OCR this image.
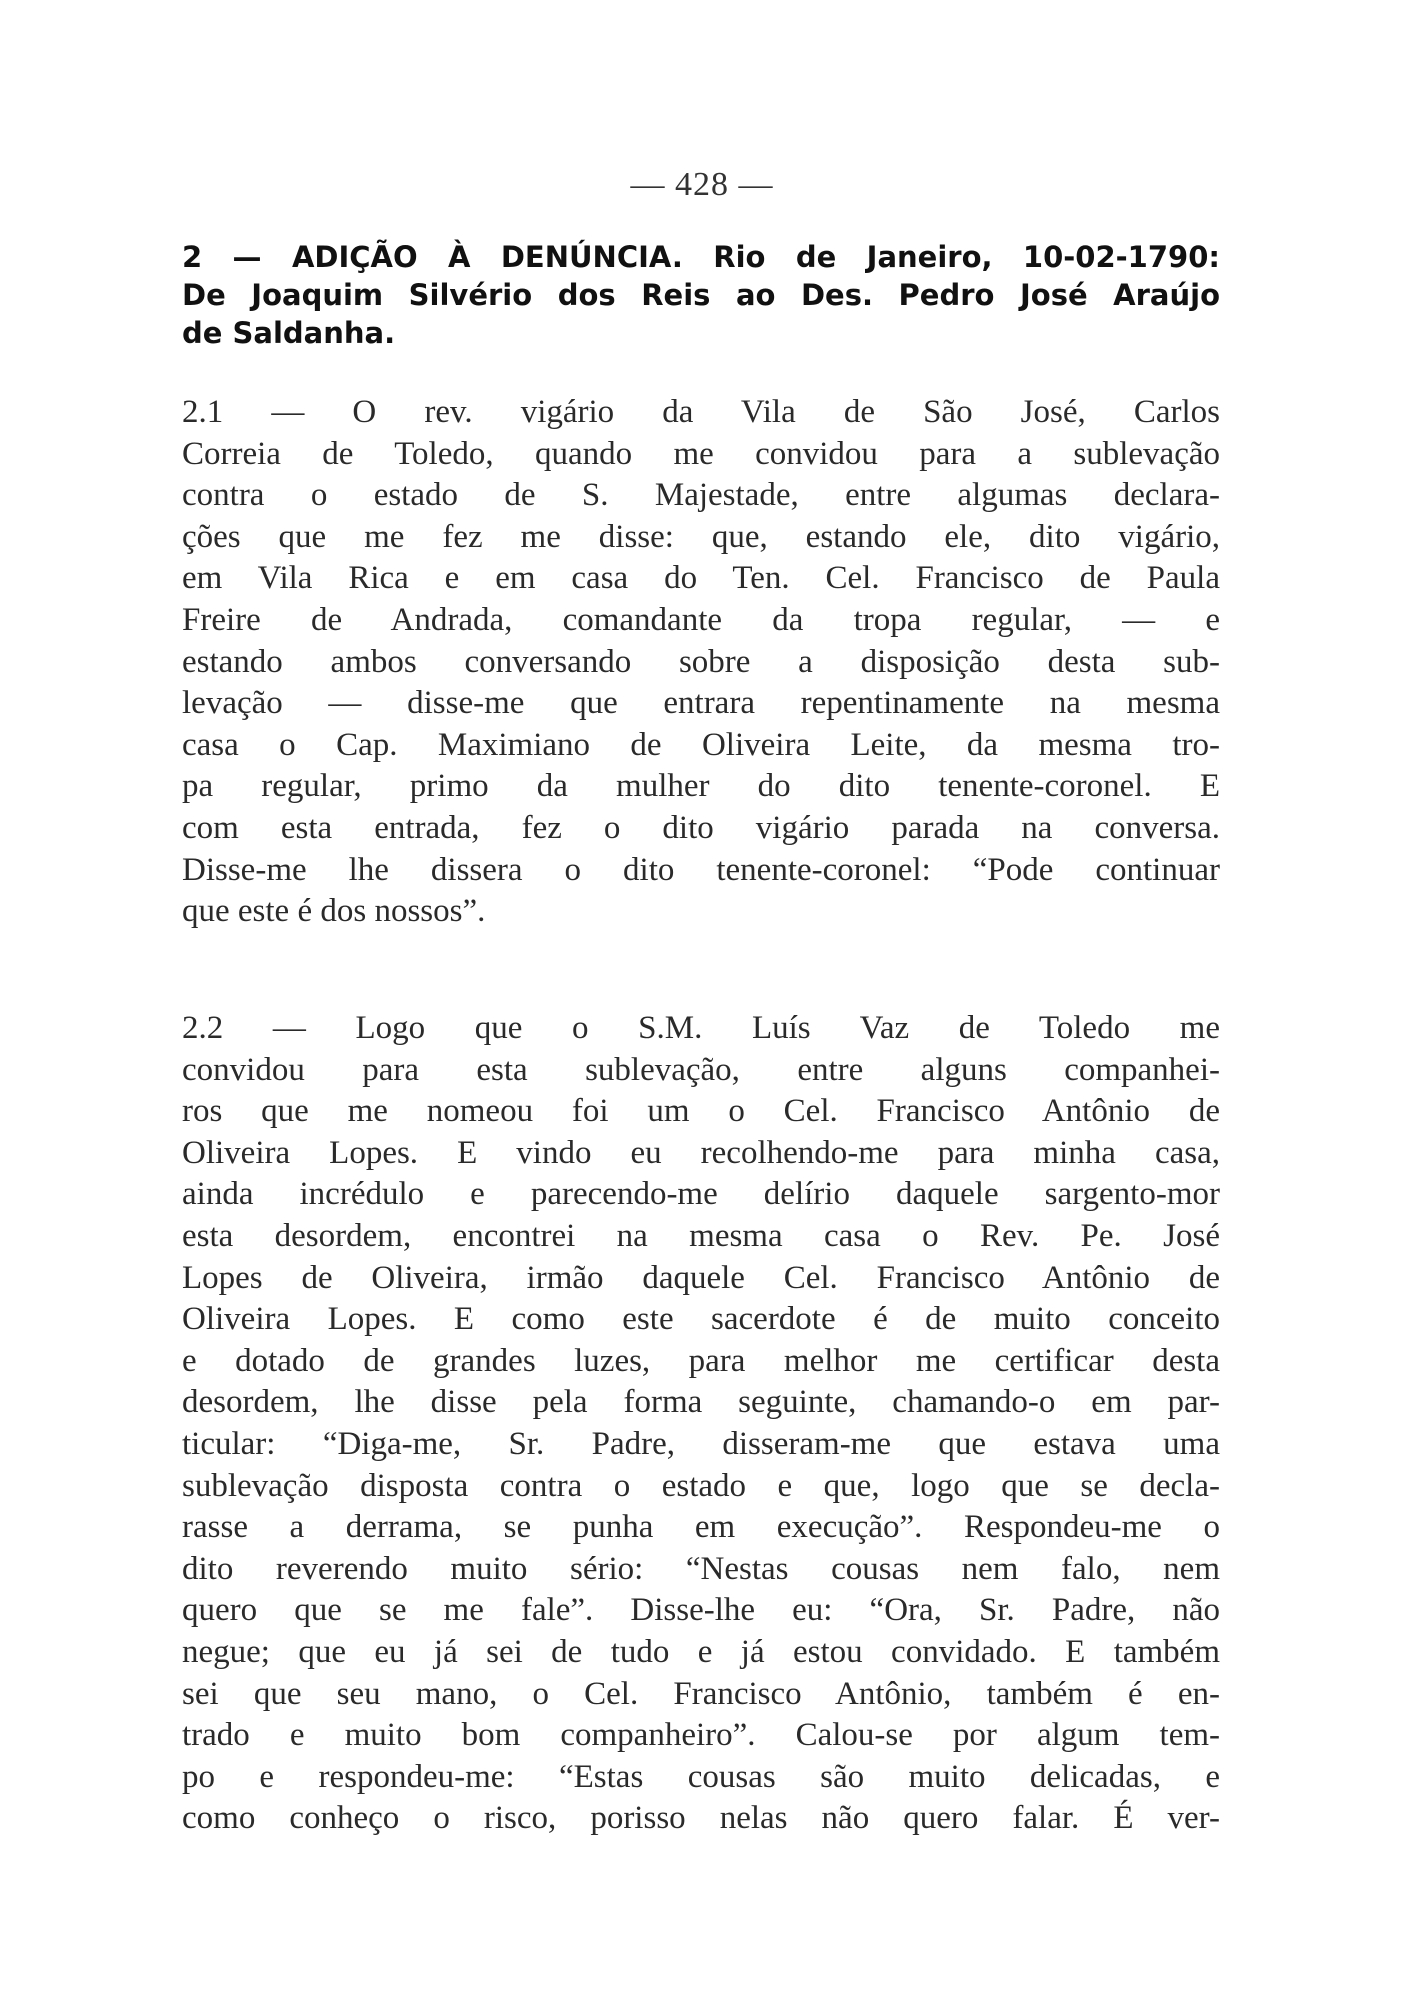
— 428 —
2 — ADIÇÃO À DENÚNCIA. Rio de Janeiro, 10-02-1790:
De Joaquim Silvério dos Reis ao Des. Pedro José Araújo
de Saldanha.
2.1 — O rev. vigário da Vila de São José, Carlos
Correia de Toledo, quando me convidou para a sublevação
contra o estado de S. Majestade, entre algumas declara-
ções que me fez me disse: que, estando ele, dito vigário,
em Vila Rica e em casa do Ten. Cel. Francisco de Paula
Freire de Andrada, comandante da tropa regular, — e
estando ambos conversando sobre a disposição desta sub-
levação — disse-me que entrara repentinamente na mesma
casa o Cap. Maximiano de Oliveira Leite, da mesma tro-
pa regular, primo da mulher do dito tenente-coronel. E
com esta entrada, fez o dito vigário parada na conversa.
Disse-me lhe dissera o dito tenente-coronel: “Pode continuar
que este é dos nossos”.
2.2 — Logo que o S.M. Luís Vaz de Toledo me
convidou para esta sublevação, entre alguns companhei-
ros que me nomeou foi um o Cel. Francisco Antônio de
Oliveira Lopes. E vindo eu recolhendo-me para minha casa,
ainda incrédulo e parecendo-me delírio daquele sargento-mor
esta desordem, encontrei na mesma casa o Rev. Pe. José
Lopes de Oliveira, irmão daquele Cel. Francisco Antônio de
Oliveira Lopes. E como este sacerdote é de muito conceito
e dotado de grandes luzes, para melhor me certificar desta
desordem, lhe disse pela forma seguinte, chamando-o em par-
ticular: “Diga-me, Sr. Padre, disseram-me que estava uma
sublevação disposta contra o estado e que, logo que se decla-
rasse a derrama, se punha em execução”. Respondeu-me o
dito reverendo muito sério: “Nestas cousas nem falo, nem
quero que se me fale”. Disse-lhe eu: “Ora, Sr. Padre, não
negue; que eu já sei de tudo e já estou convidado. E também
sei que seu mano, o Cel. Francisco Antônio, também é en-
trado e muito bom companheiro”. Calou-se por algum tem-
po e respondeu-me: “Estas cousas são muito delicadas, e
como conheço o risco, porisso nelas não quero falar. É ver-
